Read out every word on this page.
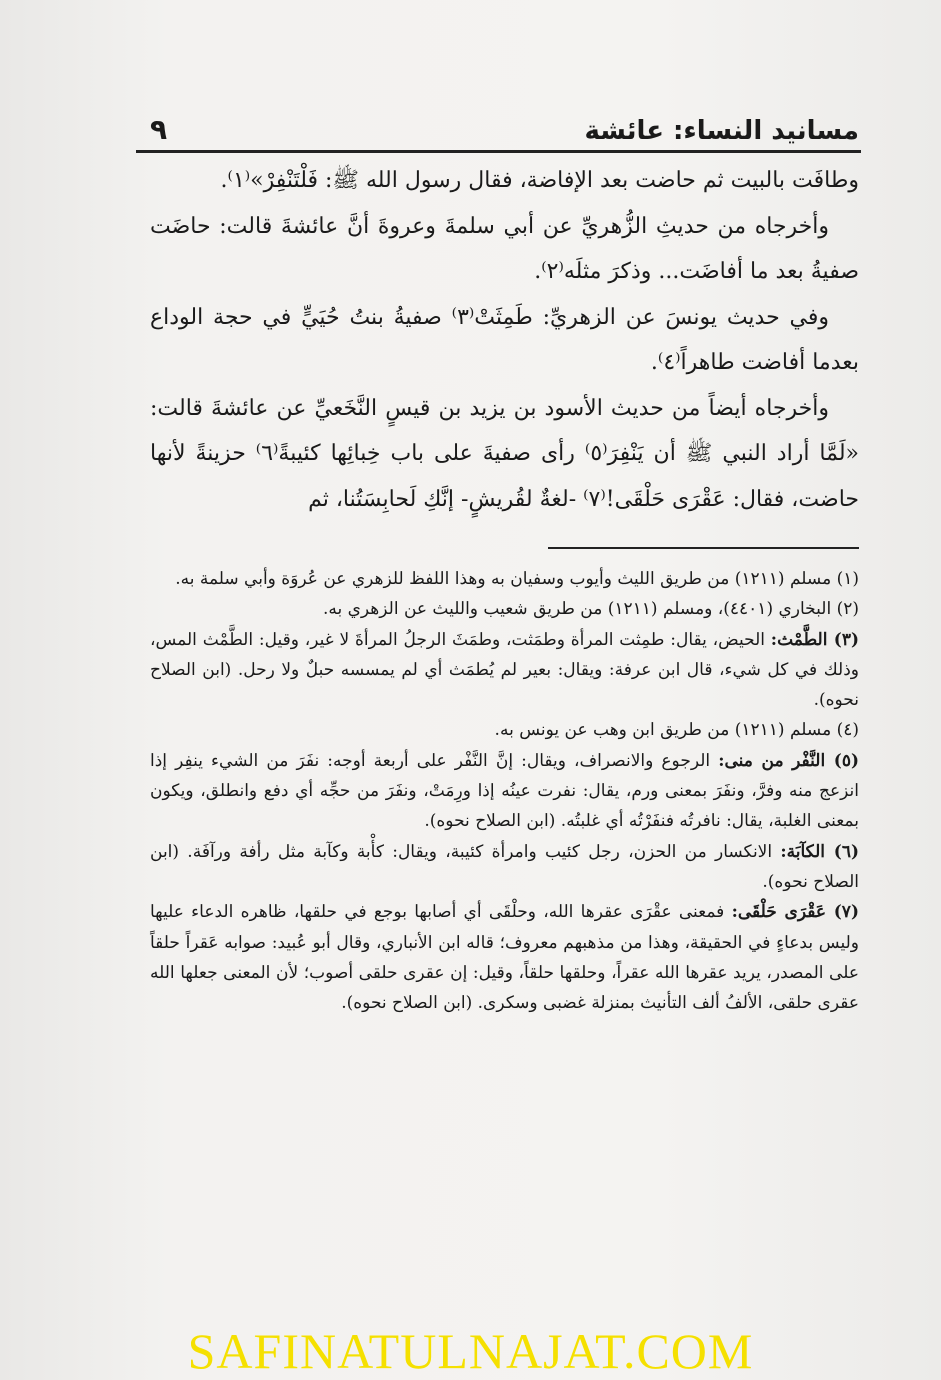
٩	مسانيد النساء: عائشة

وطافَت بالبيت ثم حاضت بعد الإفاضة، فقال رسول الله ﷺ: فَلْتَنْفِرْ»⁽١⁾.

وأخرجاه من حديثِ الزُّهريِّ عن أبي سلمةَ وعروةَ أنَّ عائشةَ قالت: حاضَت صفيةُ بعد ما أفاضَت... وذكرَ مثلَه⁽٢⁾.

وفي حديث يونسَ عن الزهريِّ: طَمِثَتْ⁽٣⁾ صفيةُ بنتُ حُيَيٍّ في حجة الوداع بعدما أفاضت طاهراً⁽٤⁾.

وأخرجاه أيضاً من حديث الأسود بن يزيد بن قيسٍ النَّخَعيِّ عن عائشةَ قالت: «لَمَّا أراد النبي ﷺ أن يَنْفِرَ⁽٥⁾ رأى صفيةَ على باب خِبائِها كئيبةً⁽٦⁾ حزينةً لأنها حاضت، فقال: عَقْرَى حَلْقَى!⁽٧⁾ -لغةٌ لقُريشٍ- إنَّكِ لَحابِسَتُنا، ثم

(١) مسلم (١٢١١) من طريق الليث وأيوب وسفيان به وهذا اللفظ للزهري عن عُروَة وأبي سلمة به.

(٢) البخاري (٤٤٠١)، ومسلم (١٢١١) من طريق شعيب والليث عن الزهري به.

(٣) الطَّمْث: الحيض، يقال: طمِثت المرأة وطمَثت، وطمَثَ الرجلُ المرأةَ لا غير، وقيل: الطَّمْث المس، وذلك في كل شيء، قال ابن عرفة: ويقال: بعير لم يُطمَث أي لم يمسسه حبلٌ ولا رحل. (ابن الصلاح نحوه).

(٤) مسلم (١٢١١) من طريق ابن وهب عن يونس به.

(٥) النَّفْر من منى: الرجوع والانصراف، ويقال: إنَّ النَّفْر على أربعة أوجه: نفَرَ من الشيء ينفِر إذا انزعج منه وفرَّ، ونفَرَ بمعنى ورم، يقال: نفرت عينُه إذا ورِمَتْ، ونفَرَ من حجِّه أي دفع وانطلق، ويكون بمعنى الغلبة، يقال: نافرتُه فنفَرْتُه أي غلبتُه. (ابن الصلاح نحوه).

(٦) الكآبَة: الانكسار من الحزن، رجل كئيب وامرأة كئيبة، ويقال: كأْبة وكآبة مثل رأفة ورآفَة. (ابن الصلاح نحوه).

(٧) عَقْرَى حَلْقَى: فمعنى عقْرَى عقرها الله، وحلْقَى أي أصابها بوجع في حلقها، ظاهره الدعاء عليها وليس بدعاءٍ في الحقيقة، وهذا من مذهبهم معروف؛ قاله ابن الأنباري، وقال أبو عُبيد: صوابه عَقراً حلقاً على المصدر، يريد عقرها الله عقراً، وحلقها حلقاً، وقيل: إن عقرى حلقى أصوب؛ لأن المعنى جعلها الله عقرى حلقى، الألفُ ألف التأنيث بمنزلة غضبى وسكرى. (ابن الصلاح نحوه).

SAFINATULNAJAT.COM
